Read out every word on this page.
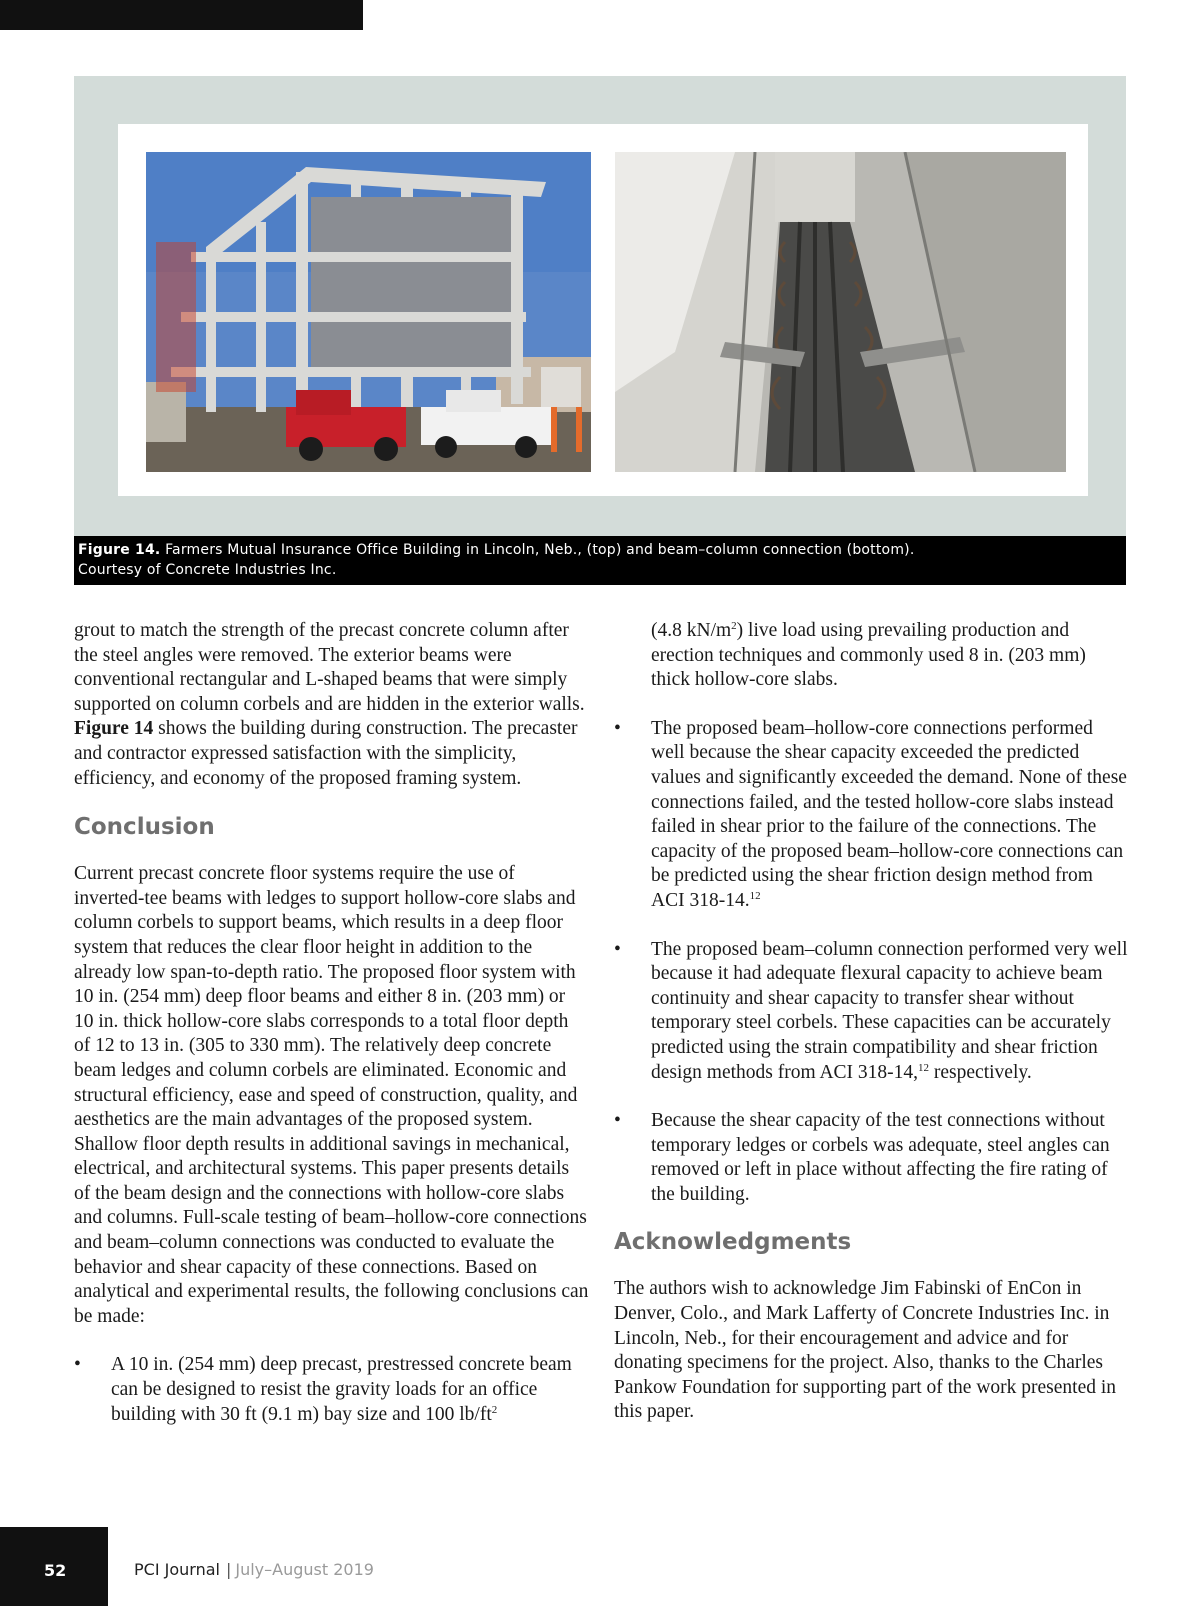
Figure 14. Farmers Mutual Insurance Office Building in Lincoln, Neb., (top) and beam–column connection (bottom).
Courtesy of Concrete Industries Inc.

grout to match the strength of the precast concrete column after the steel angles were removed. The exterior beams were conventional rectangular and L-shaped beams that were simply supported on column corbels and are hidden in the exterior walls. Figure 14 shows the building during construction. The precaster and contractor expressed satisfaction with the simplicity, efficiency, and economy of the proposed framing system.

Conclusion

Current precast concrete floor systems require the use of inverted-tee beams with ledges to support hollow-core slabs and column corbels to support beams, which results in a deep floor system that reduces the clear floor height in addition to the already low span-to-depth ratio. The proposed floor system with 10 in. (254 mm) deep floor beams and either 8 in. (203 mm) or 10 in. thick hollow-core slabs corresponds to a total floor depth of 12 to 13 in. (305 to 330 mm). The relatively deep concrete beam ledges and column corbels are eliminated. Economic and structural efficiency, ease and speed of construction, quality, and aesthetics are the main advantages of the proposed system. Shallow floor depth results in additional savings in mechanical, electrical, and architectural systems. This paper presents details of the beam design and the connections with hollow-core slabs and columns. Full-scale testing of beam–hollow-core connections and beam–column connections was conducted to evaluate the behavior and shear capacity of these connections. Based on analytical and experimental results, the following conclusions can be made:

• A 10 in. (254 mm) deep precast, prestressed concrete beam can be designed to resist the gravity loads for an office building with 30 ft (9.1 m) bay size and 100 $lb/ft^2$

(4.8 $kN/m^2$) live load using prevailing production and erection techniques and commonly used 8 in. (203 mm) thick hollow-core slabs.

• The proposed beam–hollow-core connections performed well because the shear capacity exceeded the predicted values and significantly exceeded the demand. None of these connections failed, and the tested hollow-core slabs instead failed in shear prior to the failure of the connections. The capacity of the proposed beam–hollow-core connections can be predicted using the shear friction design method from ACI 318-14.12
• The proposed beam–column connection performed very well because it had adequate flexural capacity to achieve beam continuity and shear capacity to transfer shear without temporary steel corbels. These capacities can be accurately predicted using the strain compatibility and shear friction design methods from ACI 318-14,12 respectively.
• Because the shear capacity of the test connections without temporary ledges or corbels was adequate, steel angles can removed or left in place without affecting the fire rating of the building.
Acknowledgments

The authors wish to acknowledge Jim Fabinski of EnCon in Denver, Colo., and Mark Lafferty of Concrete Industries Inc. in Lincoln, Neb., for their encouragement and advice and for donating specimens for the project. Also, thanks to the Charles Pankow Foundation for supporting part of the work presented in this paper.

52	PCI Journal | July–August 2019
